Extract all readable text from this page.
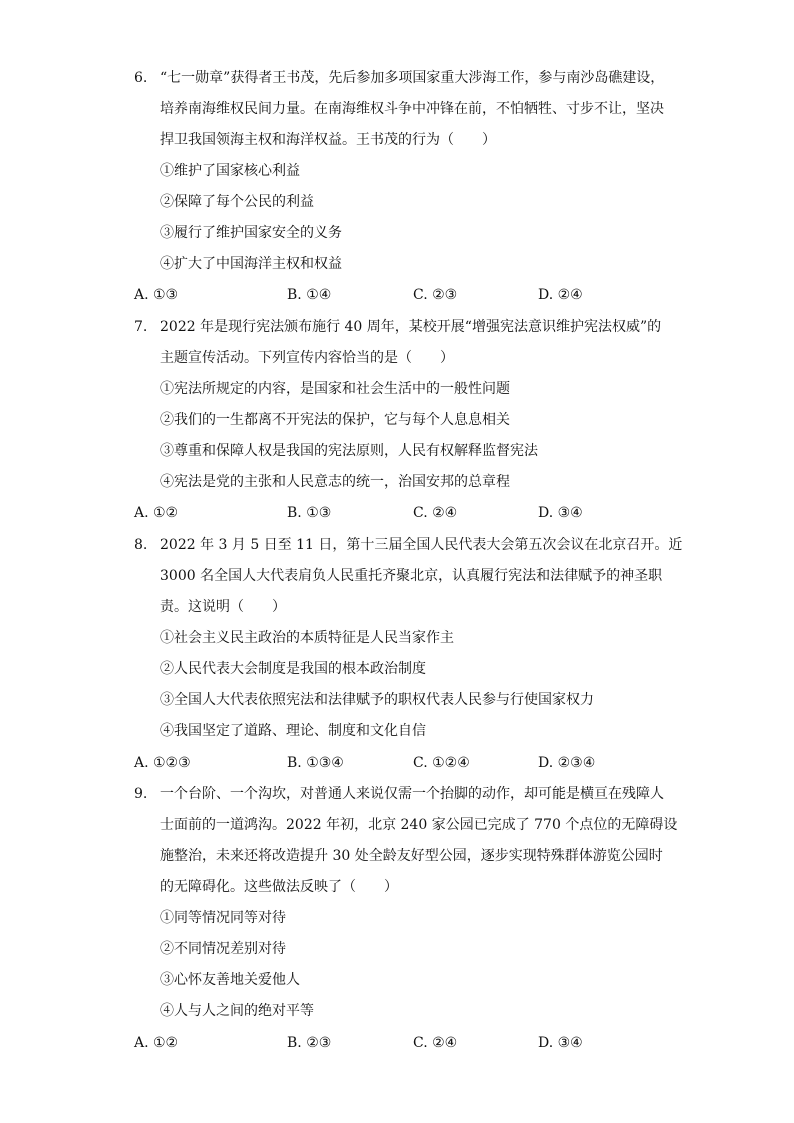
6. “七一勋章”获得者王书茂，先后参加多项国家重大涉海工作，参与南沙岛礁建设，
培养南海维权民间力量。在南海维权斗争中冲锋在前，不怕牺牲、寸步不让，坚决
捍卫我国领海主权和海洋权益。王书茂的行为（　　）
①维护了国家核心利益
②保障了每个公民的利益
③履行了维护国家安全的义务
④扩大了中国海洋主权和权益
A. ①③	B. ①④	C. ②③	D. ②④
7. 2022 年是现行宪法颁布施行 40 周年，某校开展“增强宪法意识维护宪法权威”的
主题宣传活动。下列宣传内容恰当的是（　　）
①宪法所规定的内容，是国家和社会生活中的一般性问题
②我们的一生都离不开宪法的保护，它与每个人息息相关
③尊重和保障人权是我国的宪法原则，人民有权解释监督宪法
④宪法是党的主张和人民意志的统一，治国安邦的总章程
A. ①②	B. ①③	C. ②④	D. ③④
8. 2022 年 3 月 5 日至 11 日，第十三届全国人民代表大会第五次会议在北京召开。近
3000 名全国人大代表肩负人民重托齐聚北京，认真履行宪法和法律赋予的神圣职
责。这说明（　　）
①社会主义民主政治的本质特征是人民当家作主
②人民代表大会制度是我国的根本政治制度
③全国人大代表依照宪法和法律赋予的职权代表人民参与行使国家权力
④我国坚定了道路、理论、制度和文化自信
A. ①②③	B. ①③④	C. ①②④	D. ②③④
9. 一个台阶、一个沟坎，对普通人来说仅需一个抬脚的动作，却可能是横亘在残障人
士面前的一道鸿沟。2022 年初，北京 240 家公园已完成了 770 个点位的无障碍设
施整治，未来还将改造提升 30 处全龄友好型公园，逐步实现特殊群体游览公园时
的无障碍化。这些做法反映了（　　）
①同等情况同等对待
②不同情况差别对待
③心怀友善地关爱他人
④人与人之间的绝对平等
A. ①②	B. ②③	C. ②④	D. ③④
